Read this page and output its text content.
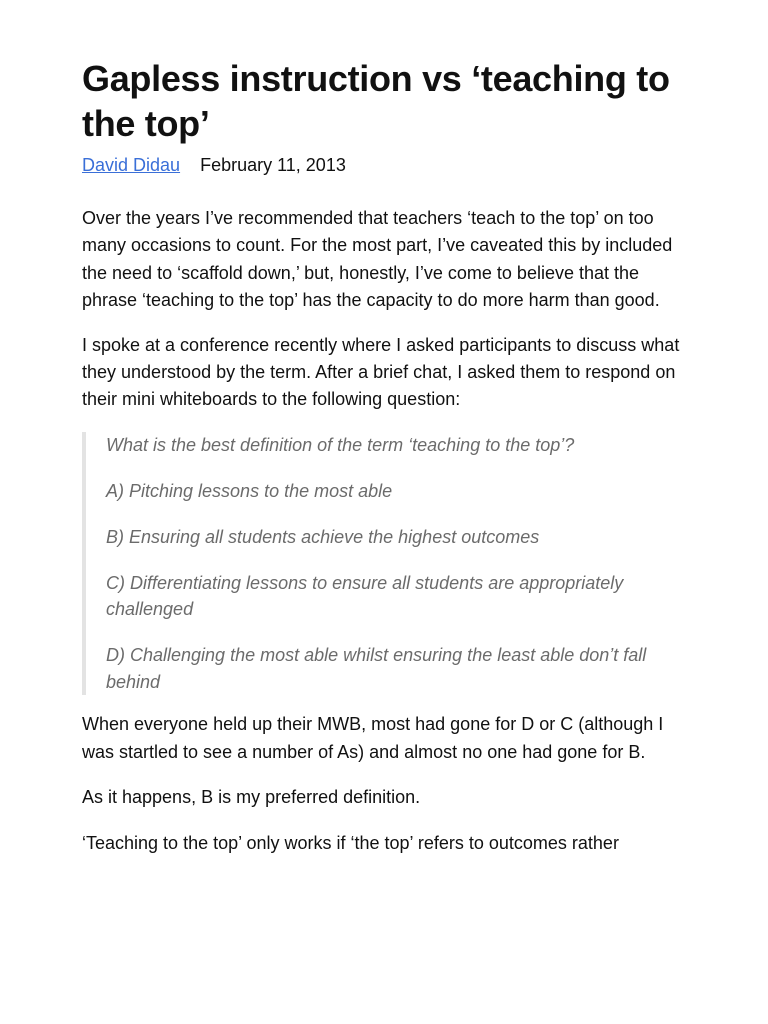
Gapless instruction vs ‘teaching to the top’
David Didau February 11, 2013

Over the years I’ve recommended that teachers ‘teach to the top’ on too many occasions to count. For the most part, I’ve caveated this by included the need to ‘scaffold down,’ but, honestly, I’ve come to believe that the phrase ‘teaching to the top’ has the capacity to do more harm than good.

I spoke at a conference recently where I asked participants to discuss what they understood by the term. After a brief chat, I asked them to respond on their mini whiteboards to the following question:

What is the best definition of the term ‘teaching to the top’?

A) Pitching lessons to the most able

B) Ensuring all students achieve the highest outcomes

C) Differentiating lessons to ensure all students are appropriately challenged

D) Challenging the most able whilst ensuring the least able don’t fall behind

When everyone held up their MWB, most had gone for D or C (although I was startled to see a number of As) and almost no one had gone for B.

As it happens, B is my preferred definition.

‘Teaching to the top’ only works if ‘the top’ refers to outcomes rather
